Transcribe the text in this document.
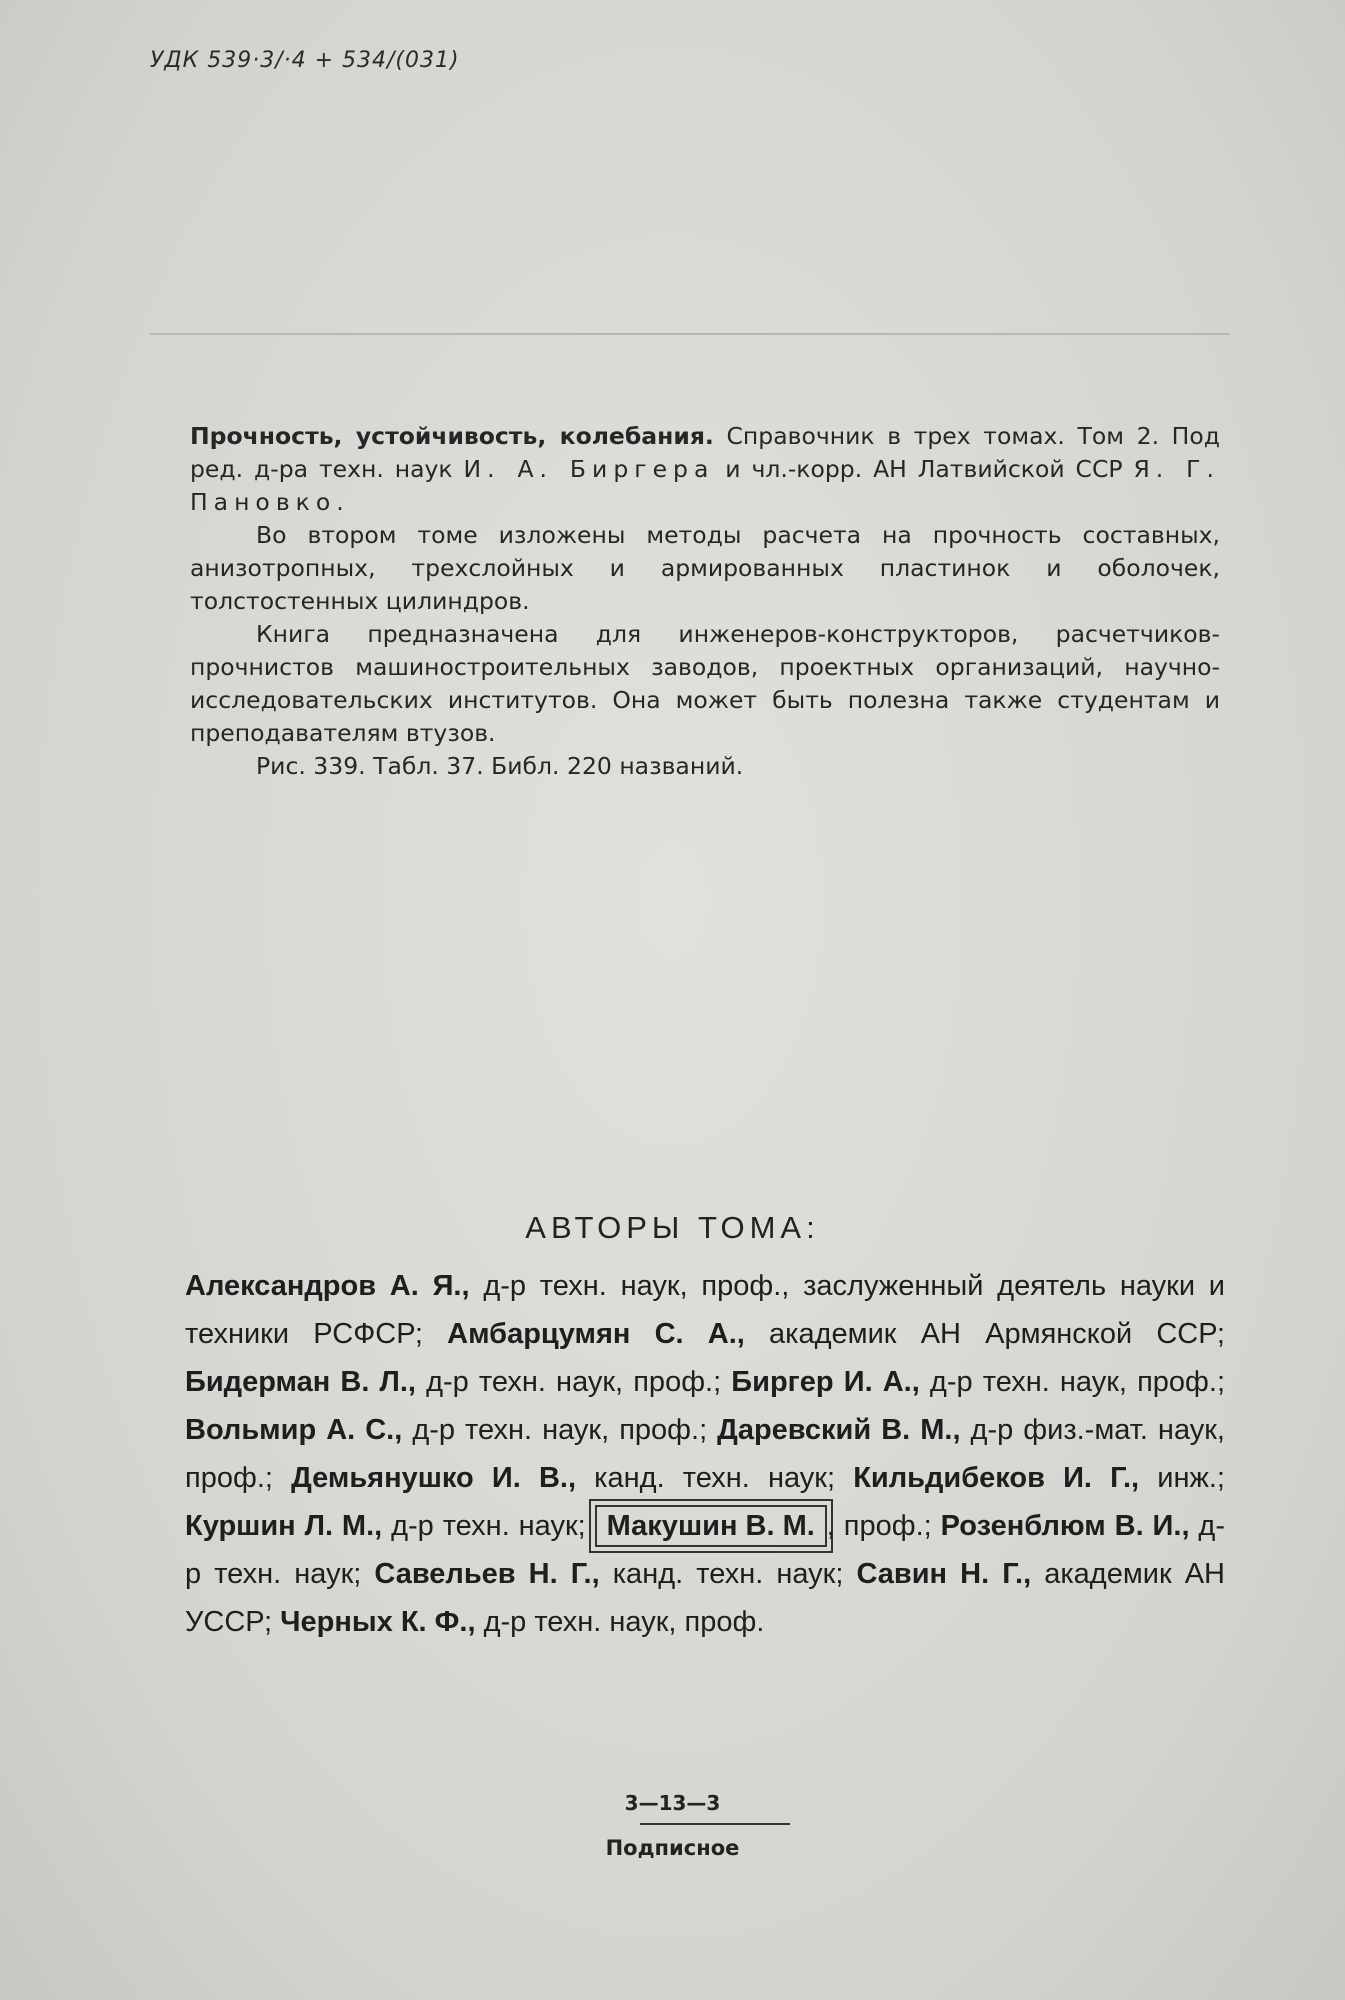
УДК 539·3/·4 + 534/(031)

Прочность, устойчивость, колебания. Справочник в трех томах. Том 2. Под ред. д-ра техн. наук И. А. Биргера и чл.-корр. АН Латвийской ССР Я. Г. Пановко.

Во втором томе изложены методы расчета на прочность составных, анизотропных, трехслойных и армированных пластинок и оболочек, толстостенных цилиндров.

Книга предназначена для инженеров-конструкторов, расчетчиков-прочнистов машиностроительных заводов, проектных организаций, научно-исследовательских институтов. Она может быть полезна также студентам и преподавателям втузов.

Рис. 339. Табл. 37. Библ. 220 названий.

АВТОРЫ ТОМА:
Александров А. Я., д-р техн. наук, проф., заслуженный деятель науки и техники РСФСР; Амбарцумян С. А., академик АН Армянской ССР; Бидерман В. Л., д-р техн. наук, проф.; Биргер И. А., д-р техн. наук, проф.; Вольмир А. С., д-р техн. наук, проф.; Даревский В. М., д-р физ.-мат. наук, проф.; Демьянушко И. В., канд. техн. наук; Кильдибеков И. Г., инж.; Куршин Л. М., д-р техн. наук; Макушин В. М. , проф.; Розенблюм В. И., д-р техн. наук; Савельев Н. Г., канд. техн. наук; Савин Н. Г., академик АН УССР; Черных К. Ф., д-р техн. наук, проф.
3—13—3
Подписное
